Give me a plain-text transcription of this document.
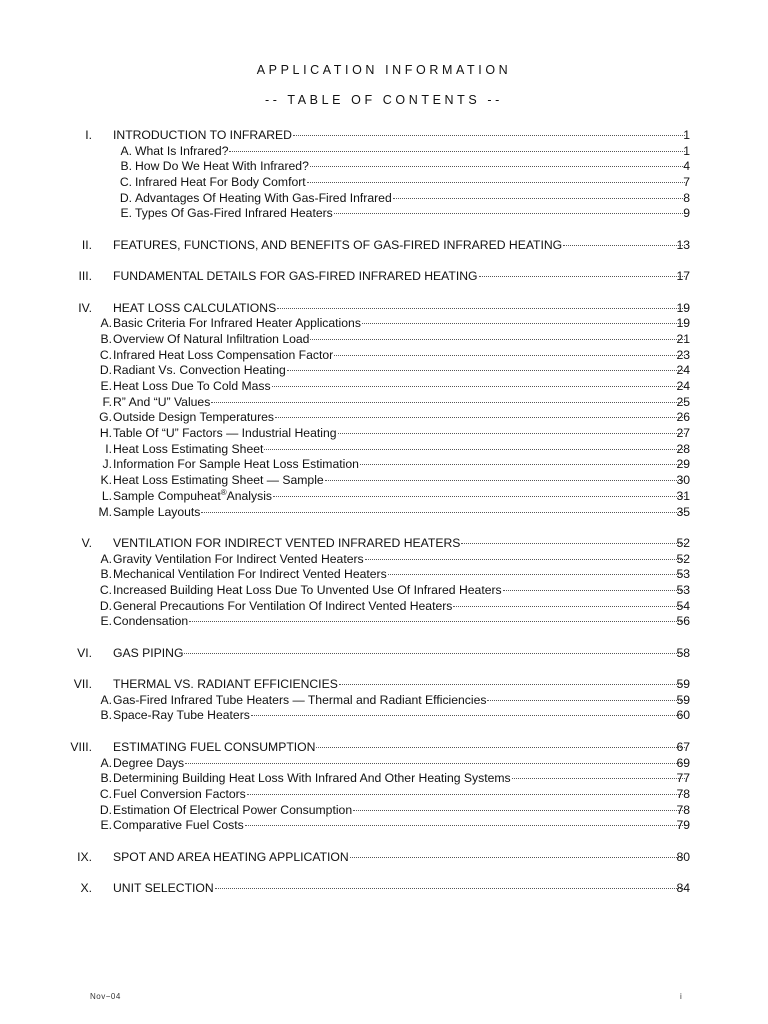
APPLICATION INFORMATION
-- TABLE OF CONTENTS --
I. INTRODUCTION TO INFRARED	1
A. What Is Infrared?	1
B. How Do We Heat With Infrared?	4
C. Infrared Heat For Body Comfort	7
D. Advantages Of Heating With Gas-Fired Infrared	8
E. Types Of Gas-Fired Infrared Heaters	9
II. FEATURES, FUNCTIONS, AND BENEFITS OF GAS-FIRED INFRARED HEATING	13
III. FUNDAMENTAL DETAILS FOR GAS-FIRED INFRARED HEATING	17
IV. HEAT LOSS CALCULATIONS	19
A. Basic Criteria For Infrared Heater Applications	19
B. Overview Of Natural Infiltration Load	21
C. Infrared Heat Loss Compensation Factor	23
D. Radiant Vs. Convection Heating	24
E. Heat Loss Due To Cold Mass	24
F. R” And “U” Values	25
G. Outside Design Temperatures	26
H. Table Of “U” Factors — Industrial Heating	27
I. Heat Loss Estimating Sheet	28
J. Information For Sample Heat Loss Estimation	29
K. Heat Loss Estimating Sheet — Sample	30
L. Sample Compuheat®Analysis	31
M. Sample Layouts	35
V. VENTILATION FOR INDIRECT VENTED INFRARED HEATERS	52
A. Gravity Ventilation For Indirect Vented Heaters	52
B. Mechanical Ventilation For Indirect Vented Heaters	53
C. Increased Building Heat Loss Due To Unvented Use Of Infrared Heaters	53
D. General Precautions For Ventilation Of Indirect Vented Heaters	54
E. Condensation	56
VI. GAS PIPING	58
VII. THERMAL VS. RADIANT EFFICIENCIES	59
A. Gas-Fired Infrared Tube Heaters — Thermal and Radiant Efficiencies	59
B. Space-Ray Tube Heaters	60
VIII. ESTIMATING FUEL CONSUMPTION	67
A. Degree Days	69
B. Determining Building Heat Loss With Infrared And Other Heating Systems	77
C. Fuel Conversion Factors	78
D. Estimation Of Electrical Power Consumption	78
E. Comparative Fuel Costs	79
IX. SPOT AND AREA HEATING APPLICATION	80
X. UNIT SELECTION	84
Nov−04	i
